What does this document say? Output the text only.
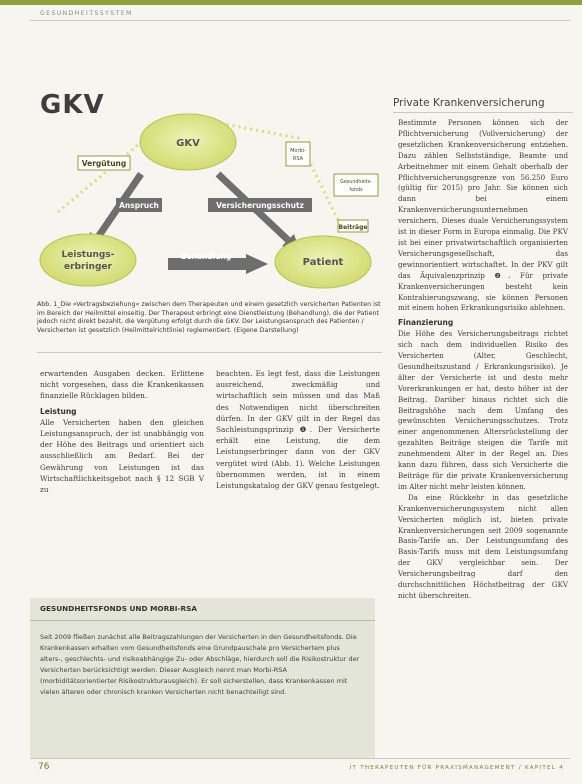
GESUNDHEITSSYSTEM
GKV	Private Krankenversicherung
GKV
Leistungs-
erbringer	Patient
Vergütung
Anspruch	Versicherungsschutz
Behandlung
Beiträge
Morbi-
RSA
Gesundheits-
fonds
Abb. 1_Die »Vertragsbeziehung« zwischen dem Therapeuten und einem gesetzlich versicherten Patienten ist im Bereich der Heilmittel einseitig. Der Therapeut erbringt eine Dienstleistung (Behandlung), die der Patient jedoch nicht direkt bezahlt, die Vergütung erfolgt durch die GKV. Der Leistungsanspruch des Patienten / Versicherten ist gesetzlich (Heilmittelrichtlinie) reglementiert. (Eigene Darstellung)
erwartenden Ausgaben decken. Erlittene nicht vorgesehen, dass die Krankenkassen finanzielle Rücklagen bilden.
Leistung
Alle Versicherten haben den gleichen Leistungsanspruch, der ist unabhängig von der Höhe des Beitrags und orientiert sich ausschließlich am Bedarf. Bei der Gewährung von Leistungen ist das Wirtschaftlichkeitsgebot nach § 12 SGB V zu
beachten. Es legt fest, dass die Leistungen ausreichend, zweckmäßig und wirtschaftlich sein müssen und das Maß des Notwendigen nicht überschreiten dürfen. In der GKV gilt in der Regel das Sachleistungsprinzip ❶. Der Versicherte erhält eine Leistung, die dem Leistungserbringer dann von der GKV vergütet wird (Abb. 1). Welche Leistungen übernommen werden, ist in einem Leistungskatalog der GKV genau festgelegt.
Bestimmte Personen können sich der Pflichtversicherung (Vollversicherung) der gesetzlichen Krankenversicherung entziehen. Dazu zählen Selbstständige, Beamte und Arbeitnehmer mit einem Gehalt oberhalb der Pflichtversicherungsgrenze von 56.250 Euro (gültig für 2015) pro Jahr. Sie können sich dann bei einem Krankenversicherungsunternehmen versichern. Dieses duale Versicherungssystem ist in dieser Form in Europa einmalig. Die PKV ist bei einer privatwirtschaftlich organisierten Versicherungsgesellschaft, das gewinnorientiert wirtschaftet. In der PKV gilt das Äquivalenzprinzip ❷. Für private Krankenversicherungen besteht kein Kontrahierungszwang, sie können Personen mit einem hohen Erkrankungsrisiko ablehnen.
Finanzierung
Die Höhe des Versicherungsbeitrags richtet sich nach dem individuellen Risiko des Versicherten (Alter, Geschlecht, Gesundheitszustand / Erkrankungsrisiko). Je älter der Versicherte ist und desto mehr Vorerkrankungen er hat, desto höher ist der Beitrag. Darüber hinaus richtet sich die Beitragshöhe nach dem Umfang des gewünschten Versicherungsschutzes. Trotz einer angenommenen Altersrückstellung der gezahlten Beiträge steigen die Tarife mit zunehmendem Alter in der Regel an. Dies kann dazu führen, dass sich Versicherte die Beiträge für die private Krankenversicherung im Alter nicht mehr leisten können.
Da eine Rückkehr in das gesetzliche Krankenversicherungssystem nicht allen Versicherten möglich ist, bieten private Krankenversicherungen seit 2009 sogenannte Basis-Tarife an. Der Leistungsumfang des Basis-Tarifs muss mit dem Leistungsumfang der GKV vergleichbar sein. Der Versicherungsbeitrag darf den durchschnittlichen Höchstbeitrag der GKV nicht überschreiten.
GESUNDHEITSFONDS UND MORBI-RSA
Seit 2009 fließen zunächst alle Beitragszahlungen der Versicherten in den Gesundheitsfonds. Die Krankenkassen erhalten vom Gesundheitsfonds eine Grundpauschale pro Versichertem plus alters-, geschlechts- und risikoabhängige Zu- oder Abschläge, hierdurch soll die Risikostruktur der Versicherten berücksichtigt werden. Dieser Ausgleich nennt man Morbi-RSA (morbiditätsorientierter Risikostrukturausgleich). Er soll sicherstellen, dass Krankenkassen mit vielen älteren oder chronisch kranken Versicherten nicht benachteiligt sind.
76	IT THERAPEUTEN FÜR PRAXISMANAGEMENT / KAPITEL 4
